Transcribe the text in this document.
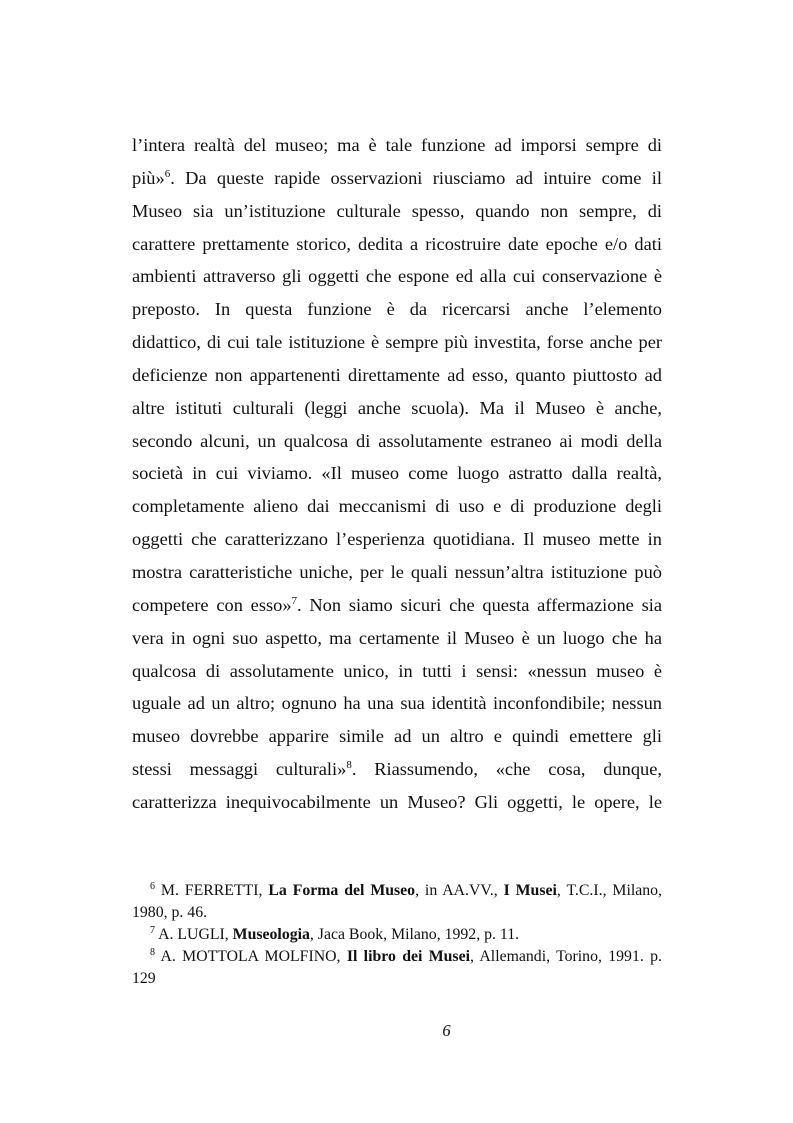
l’intera realtà del museo; ma è tale funzione ad imporsi sempre di
più»$^6$. Da queste rapide osservazioni riusciamo ad intuire come il
Museo sia un’istituzione culturale spesso, quando non sempre, di
carattere prettamente storico, dedita a ricostruire date epoche e/o dati
ambienti attraverso gli oggetti che espone ed alla cui conservazione è
preposto. In questa funzione è da ricercarsi anche l’elemento
didattico, di cui tale istituzione è sempre più investita, forse anche per
deficienze non appartenenti direttamente ad esso, quanto piuttosto ad
altre istituti culturali (leggi anche scuola). Ma il Museo è anche,
secondo alcuni, un qualcosa di assolutamente estraneo ai modi della
società in cui viviamo. «Il museo come luogo astratto dalla realtà,
completamente alieno dai meccanismi di uso e di produzione degli
oggetti che caratterizzano l’esperienza quotidiana. Il museo mette in
mostra caratteristiche uniche, per le quali nessun’altra istituzione può
competere con esso»$^7$. Non siamo sicuri che questa affermazione sia
vera in ogni suo aspetto, ma certamente il Museo è un luogo che ha
qualcosa di assolutamente unico, in tutti i sensi: «nessun museo è
uguale ad un altro; ognuno ha una sua identità inconfondibile; nessun
museo dovrebbe apparire simile ad un altro e quindi emettere gli
stessi messaggi culturali»$^8$. Riassumendo, «che cosa, dunque,
caratterizza inequivocabilmente un Museo? Gli oggetti, le opere, le
$^6$ M. FERRETTI, La Forma del Museo, in AA.VV., I Musei, T.C.I., Milano,
1980, p. 46.
$^7$ A. LUGLI, Museologia, Jaca Book, Milano, 1992, p. 11.
$^8$ A. MOTTOLA MOLFINO, Il libro dei Musei, Allemandi, Torino, 1991. p.
129
6
